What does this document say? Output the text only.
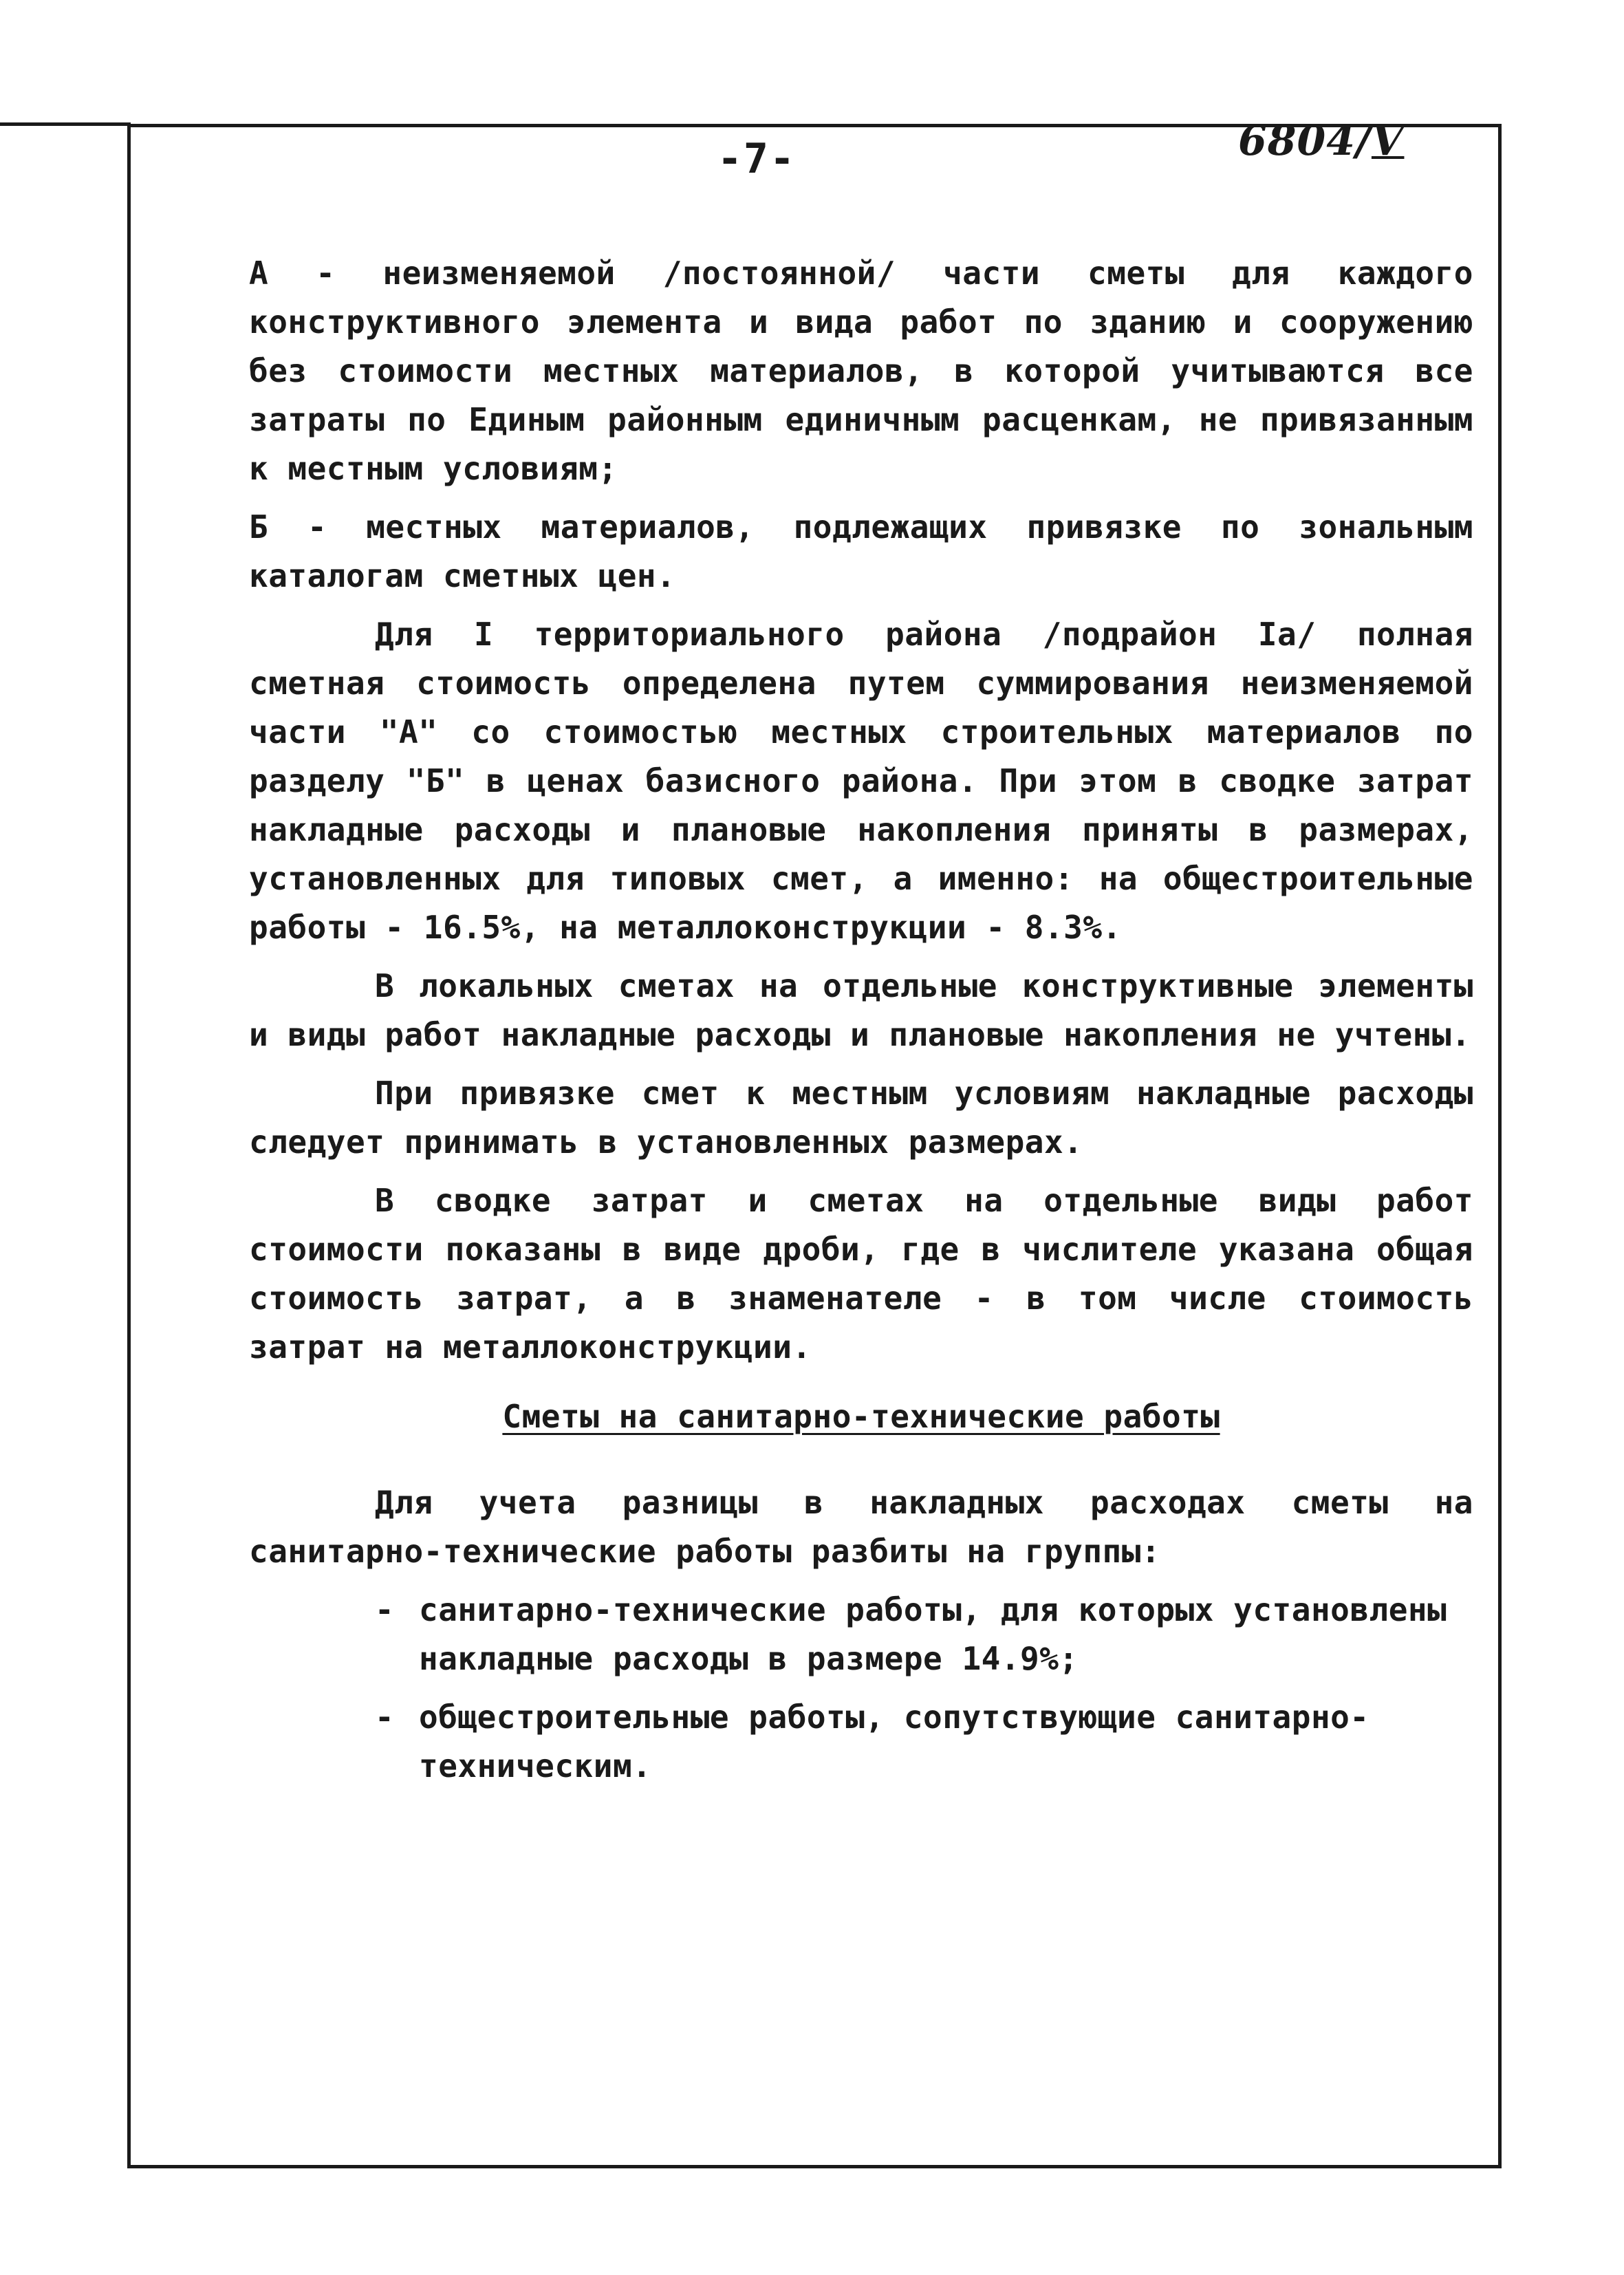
-7-	6804/V

А - неизменяемой /постоянной/ части сметы для каждого конструктивного элемента и вида работ по зданию и сооружению без стоимости местных материалов, в которой учитываются все затраты по Единым районным единичным расценкам, не привязанным к местным условиям;

Б - местных материалов, подлежащих привязке по зональным каталогам сметных цен.

Для I территориального района /подрайон Iа/ полная сметная стоимость определена путем суммирования неизменяемой части "А" со стоимостью местных строительных материалов по разделу "Б" в ценах базисного района. При этом в сводке затрат накладные расходы и плановые накопления приняты в размерах, установленных для типовых смет, а именно: на общестроительные работы - 16.5%, на металлоконструкции - 8.3%.

В локальных сметах на отдельные конструктивные элементы и виды работ накладные расходы и плановые накопления не учтены.

При привязке смет к местным условиям накладные расходы следует принимать в установленных размерах.

В сводке затрат и сметах на отдельные виды работ стоимости показаны в виде дроби, где в числителе указана общая стоимость затрат, а в знаменателе - в том числе стоимость затрат на металлоконструкции.

Сметы на санитарно-технические работы

Для учета разницы в накладных расходах сметы на санитарно-технические работы разбиты на группы:

- санитарно-технические работы, для которых установлены накладные расходы в размере 14.9%;
- общестроительные работы, сопутствующие санитарно-техническим.
